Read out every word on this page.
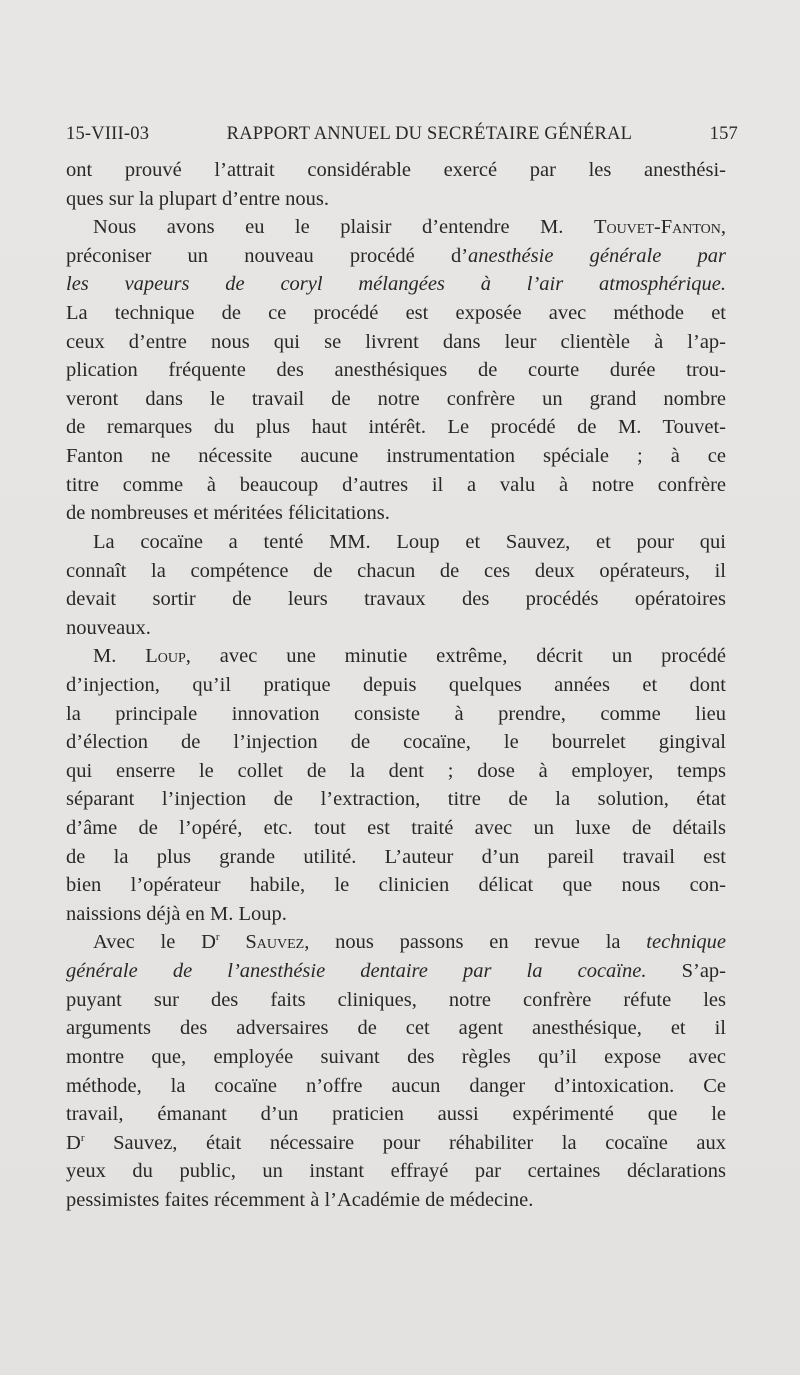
15-VIII-03	RAPPORT ANNUEL DU SECRÉTAIRE GÉNÉRAL	157
ont prouvé l’attrait considérable exercé par les anesthési-
ques sur la plupart d’entre nous.
Nous avons eu le plaisir d’entendre M. Touvet-Fanton,
préconiser un nouveau procédé d’anesthésie générale par
les vapeurs de coryl mélangées à l’air atmosphérique.
La technique de ce procédé est exposée avec méthode et
ceux d’entre nous qui se livrent dans leur clientèle à l’ap-
plication fréquente des anesthésiques de courte durée trou-
veront dans le travail de notre confrère un grand nombre
de remarques du plus haut intérêt. Le procédé de M. Touvet-
Fanton ne nécessite aucune instrumentation spéciale ; à ce
titre comme à beaucoup d’autres il a valu à notre confrère
de nombreuses et méritées félicitations.
La cocaïne a tenté MM. Loup et Sauvez, et pour qui
connaît la compétence de chacun de ces deux opérateurs, il
devait sortir de leurs travaux des procédés opératoires
nouveaux.
M. Loup, avec une minutie extrême, décrit un procédé
d’injection, qu’il pratique depuis quelques années et dont
la principale innovation consiste à prendre, comme lieu
d’élection de l’injection de cocaïne, le bourrelet gingival
qui enserre le collet de la dent ; dose à employer, temps
séparant l’injection de l’extraction, titre de la solution, état
d’âme de l’opéré, etc. tout est traité avec un luxe de détails
de la plus grande utilité. L’auteur d’un pareil travail est
bien l’opérateur habile, le clinicien délicat que nous con-
naissions déjà en M. Loup.
Avec le $D^r$ Sauvez, nous passons en revue la technique
générale de l’anesthésie dentaire par la cocaïne. S’ap-
puyant sur des faits cliniques, notre confrère réfute les
arguments des adversaires de cet agent anesthésique, et il
montre que, employée suivant des règles qu’il expose avec
méthode, la cocaïne n’offre aucun danger d’intoxication. Ce
travail, émanant d’un praticien aussi expérimenté que le
$D^r$ Sauvez, était nécessaire pour réhabiliter la cocaïne aux
yeux du public, un instant effrayé par certaines déclarations
pessimistes faites récemment à l’Académie de médecine.
